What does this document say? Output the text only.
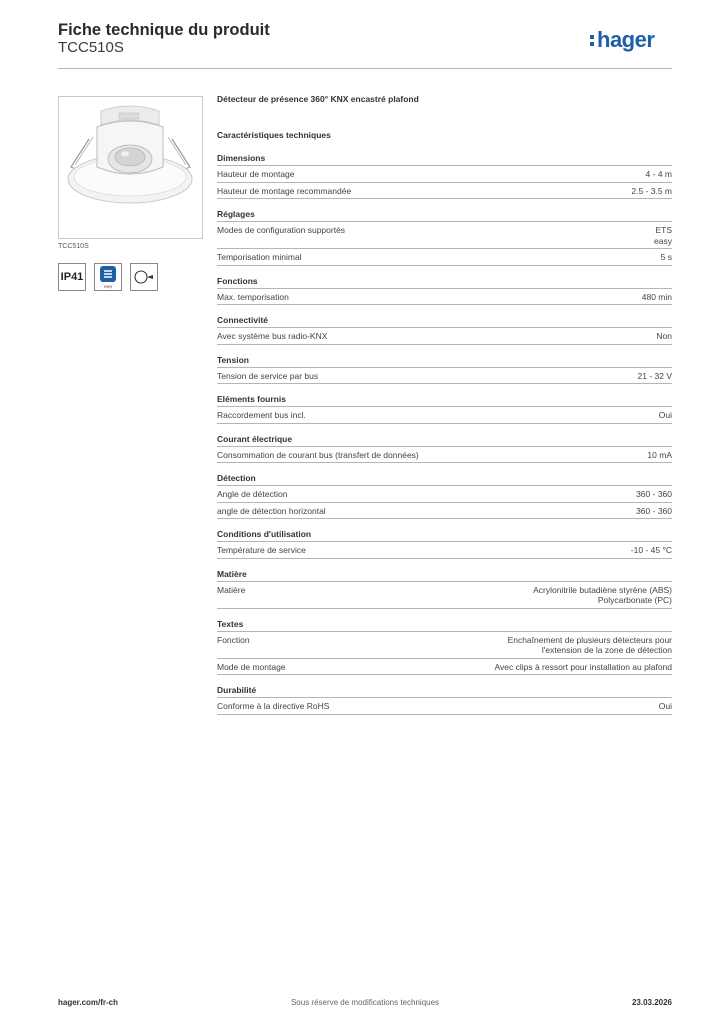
Fiche technique du produit
TCC510S	hager
TCC510S
IP41
easy
Détecteur de présence 360° KNX encastré plafond
Caractéristiques techniques
Dimensions
Hauteur de montage	4 - 4 m
Hauteur de montage recommandée	2.5 - 3.5 m
Réglages
Modes de configuration supportés	ETS
easy
Temporisation minimal	5 s
Fonctions
Max. temporisation	480 min
Connectivité
Avec système bus radio-KNX	Non
Tension
Tension de service par bus	21 - 32 V
Eléments fournis
Raccordement bus incl.	Oui
Courant électrique
Consommation de courant bus (transfert de données)	10 mA
Détection
Angle de détection	360 - 360
angle de détection horizontal	360 - 360
Conditions d'utilisation
Température de service	-10 - 45 °C
Matière
Matière	Acrylonitrile butadiène styrène (ABS)
Polycarbonate (PC)
Textes
Fonction	Enchaînement de plusieurs détecteurs pour
l'extension de la zone de détection
Mode de montage	Avec clips à ressort pour installation au plafond
Durabilité
Conforme à la directive RoHS	Oui
hager.com/fr-ch	Sous réserve de modifications techniques	23.03.2026
